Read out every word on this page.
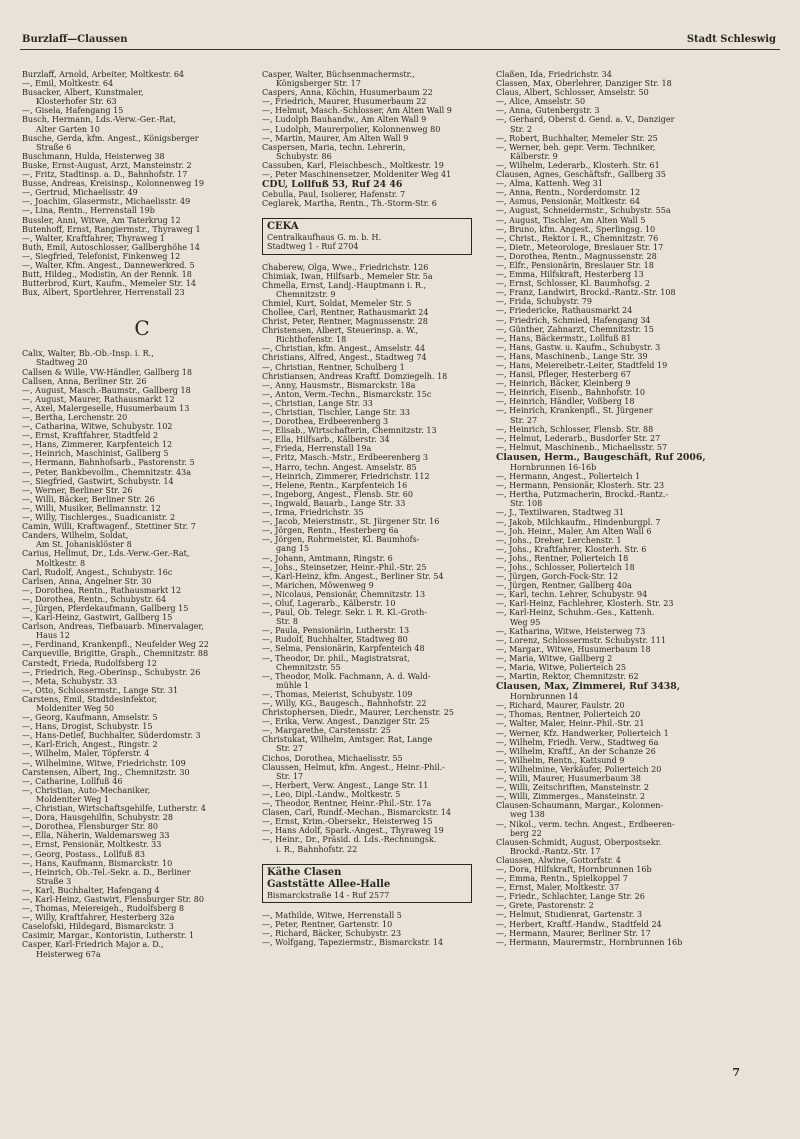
Burzlaff—Claussen	Stadt Schleswig
Burzlaff, Arnold, Arbeiter, Moltkestr. 64
—, Emil, Moltkestr. 64
Busacker, Albert, Kunstmaler,
Klosterhofer Str. 63
—, Gisela, Hafengang 15
Busch, Hermann, Lds.-Verw.-Ger.-Rat,
Alter Garten 10
Busche, Gerda, kfm. Angest., Königsberger
Straße 6
Buschmann, Hulda, Heisterweg 38
Buske, Ernst-August, Arzt, Mansteinstr. 2
—, Fritz, Stadtinsp. a. D., Bahnhofstr. 17
Busse, Andreas, Kreisinsp., Kolonnenweg 19
—, Gertrud, Michaelisstr. 49
—, Joachim, Glasermstr., Michaelisstr. 49
—, Lina, Rentn., Herrenstall 19b
Bussler, Anni, Witwe, Am Taterkrug 12
Butenhoff, Ernst, Rangiermstr., Thyraweg 1
—, Walter, Kraftfahrer, Thyraweg 1
Buth, Emil, Autoschlosser, Gallberghöhe 14
—, Siegfried, Telefonist, Finkenweg 12
—, Walter, Kfm. Angest., Dannewerkred. 5
Butt, Hildeg., Modistin, An der Rennk. 18
Butterbrod, Kurt, Kaufm., Memeler Str. 14
Bux, Albert, Sportlehrer, Herrenstall 23
C
Calix, Walter, Bb.-Ob.-Insp. i. R.,
Stadtweg 20
Callsen & Wille, VW-Händler, Gallberg 18
Callsen, Anna, Berliner Str. 26
—, August, Masch.-Baumstr., Gallberg 18
—, August, Maurer, Rathausmarkt 12
—, Axel, Malergeselle, Husumerbaum 13
—, Bertha, Lerchenstr. 20
—, Catharina, Witwe, Schubystr. 102
—, Ernst, Kraftfahrer, Stadtfeld 2
—, Hans, Zimmerer, Karpfenteich 12
—, Heinrich, Maschinist, Gallberg 5
—, Hermann, Bahnhofsarb., Pastorenstr. 5
—, Peter, Bankbevollm., Chemnitzstr. 43a
—, Siegfried, Gastwirt, Schubystr. 14
—, Werner, Berliner Str. 26
—, Willi, Bäcker, Berliner Str. 26
—, Willi, Musiker, Bellmannstr. 12
—, Willy, Tischlerges., Suadicanistr. 2
Camin, Willi, Kraftwagenf., Stettiner Str. 7
Canders, Wilhelm, Soldat,
Am St. Johanisklöster 8
Carius, Hellmut, Dr., Lds.-Verw.-Ger.-Rat,
Moltkestr. 8
Carl, Rudolf, Angest., Schubystr. 16c
Carlsen, Anna, Angelner Str. 30
—, Dorothea, Rentn., Rathausmarkt 12
—, Dorothea, Rentn., Schubystr. 64
—, Jürgen, Pferdekaufmann, Gallberg 15
—, Karl-Heinz, Gastwirt, Gallberg 15
Carlson, Andreas, Tiefbauarb. Minervalager,
Haus 12
—, Ferdinand, Krankenpfl., Neufelder Weg 22
Carqueville, Brigitte, Graph., Chemnitzstr. 88
Carstedt, Frieda, Rudolfsberg 12
—, Friedrich, Reg.-Oberinsp., Schubystr. 26
—, Meta, Schubystr. 33
—, Otto, Schlossermstr., Lange Str. 31
Carstens, Emil, Stadtdesinfektor,
Moldeniter Weg 50
—, Georg, Kaufmann, Amselstr. 5
—, Hans, Drogist, Schubystr. 15
—, Hans-Detlef, Buchhalter, Süderdomstr. 3
—, Karl-Erich, Angest., Ringstr. 2
—, Wilhelm, Maler, Töpferstr. 4
—, Wilhelmine, Witwe, Friedrichstr. 109
Carstensen, Albert, Ing., Chemnitzstr. 30
—, Catharine, Lollfuß 46
—, Christian, Auto-Mechaniker,
Moldeniter Weg 1
—, Christian, Wirtschaftsgehilfe, Lutherstr. 4
—, Dora, Hausgehilfin, Schubystr. 28
—, Dorothea, Flensburger Str. 80
—, Ella, Näherin, Waldemarsweg 33
—, Ernst, Pensionär, Moltkestr. 33
—, Georg, Postass., Lollfuß 83
—, Hans, Kaufmann, Bismarckstr. 10
—, Heinrich, Ob.-Tel.-Sekr. a. D., Berliner
Straße 3
—, Karl, Buchhalter, Hafengang 4
—, Karl-Heinz, Gastwirt, Flensburger Str. 80
—, Thomas, Meiereigeh., Rudolfsberg 8
—, Willy, Kraftfahrer, Hesterberg 32a
Caselofski, Hildegard, Bismarckstr. 3
Casimir, Margar., Kontoristin, Lutherstr. 1
Casper, Karl-Friedrich Major a. D.,
Heisterweg 67a
Casper, Walter, Büchsenmachermstr.,
Königsberger Str. 17
Caspers, Anna, Köchin, Husumerbaum 22
—, Friedrich, Maurer, Husumerbaum 22
—, Helmut, Masch.-Schlosser, Am Alten Wall 9
—, Ludolph Bauhandw., Am Alten Wall 9
—, Ludolph, Maurerpolier, Kolonnenweg 80
—, Martin, Maurer, Am Alten Wall 9
Caspersen, Maria, techn. Lehrerin,
Schubystr. 86
Cassuben, Karl, Fleischbesch., Moltkestr. 19
—, Peter Maschinensetzer, Moldeniter Weg 41
CDU, Lollfuß 53, Ruf 24 46
Cebulla, Paul, Isolierer, Hafenstr. 7
Ceglarek, Martha, Rentn., Th.-Storm-Str. 6
CEKA
Centralkaufhaus G. m. b. H.
Stadtweg 1 - Ruf 2704
Chaberew, Olga, Wwe., Friedrichstr. 126
Chimiak, Iwan, Hilfsarb., Memeler Str. 5a
Chmella, Ernst, Landj.-Hauptmann i. R.,
Chemnitzstr. 9
Chmiel, Kurt, Soldat, Memeler Str. 5
Chollee, Carl, Rentner, Rathausmarkt 24
Christ, Peter, Rentner, Magnussenstr. 28
Christensen, Albert, Steuerinsp. a. W.,
Richthofenstr. 18
—, Christian, kfm. Angest., Amselstr. 44
Christians, Alfred, Angest., Stadtweg 74
—, Christian, Rentner, Schulberg 1
Christiansen, Andreas Kraftf. Domziegelh. 18
—, Anny, Hausmstr., Bismarckstr. 18a
—, Anton, Verm.-Techn., Bismarckstr. 15c
—, Christian, Lange Str. 33
—, Christian, Tischler, Lange Str. 33
—, Dorothea, Erdbeerenberg 3
—, Elisab., Wirtschafterin, Chemnitzstr. 13
—, Ella, Hilfsarb., Kälberstr. 34
—, Frieda, Herrenstall 19a
—, Fritz, Masch.-Mstr., Erdbeerenberg 3
—, Harro, techn. Angest. Amselstr. 85
—, Heinrich, Zimmerer, Friedrichstr. 112
—, Helene, Rentn., Karpfenteich 16
—, Ingeborg, Angest., Flensb. Str. 60
—, Ingwald, Bauarb., Lange Str. 33
—, Irma, Friedrichstr. 35
—, Jacob, Meierstmstr., St. Jürgener Str. 16
—, Jörgen, Rentn., Hesterberg 6a
—, Jörgen, Rohrmeister, Kl. Baumhofs-
gang 15
—, Johann, Amtmann, Ringstr. 6
—, Johs., Steinsetzer, Heinr.-Phil.-Str. 25
—, Karl-Heinz, kfm. Angest., Berliner Str. 54
—, Marichen, Möwenweg 9
—, Nicolaus, Pensionär, Chemnitzstr. 13
—, Oluf, Lagerarb., Kälberstr. 10
—, Paul, Ob. Telegr. Sekr. i. R. Kl.-Groth-
Str. 8
—, Paula, Pensionärin, Lutherstr. 13
—, Rudolf, Buchhalter, Stadtweg 80
—, Selma, Pensionärin, Karpfenteich 48
—, Theodor, Dr. phil., Magistratsrat,
Chemnitzstr. 55
—, Theodor, Molk. Fachmann, A. d. Wald-
mühle 1
—, Thomas, Meierist, Schubystr. 109
—, Willy, KG., Baugesch., Bahnhofstr. 22
Christophersen, Diedr., Maurer, Lerchenstr. 25
—, Erika, Verw. Angest., Danziger Str. 25
—, Margarethe, Carstensstr. 25
Christukat, Wilhelm, Amtsger. Rat, Lange
Str. 27
Cichos, Dorothea, Michaelisstr. 55
Claussen, Helmut, kfm. Angest., Heinr.-Phil.-
Str. 17
—, Herbert, Verw. Angest., Lange Str. 11
—, Leo, Dipl.-Landw., Moltkestr. 5
—, Theodor, Rentner, Heinr.-Phil.-Str. 17a
Clasen, Carl, Rundf.-Mechan., Bismarckstr. 14
—, Ernst, Krim.-Obersekr., Heisterweg 15
—, Hans Adolf, Spark.-Angest., Thyraweg 19
—, Heinr., Dr., Präsid. d. Lds.-Rechnungsk.
i. R., Bahnhofstr. 22
Käthe Clasen
Gaststätte Allee-Halle
Bismarckstraße 14 - Ruf 2577
—, Mathilde, Witwe, Herrenstall 5
—, Peter, Rentner, Gartenstr. 10
—, Richard, Bäcker, Schubystr. 23
—, Wolfgang, Tapeziermstr., Bismarckstr. 14
Claßen, Ida, Friedrichstr. 34
Classen, Max, Oberlehrer, Danziger Str. 18
Claus, Albert, Schlosser, Amselstr. 50
—, Alice, Amselstr. 50
—, Anna, Gutenbergstr. 3
—, Gerhard, Oberst d. Gend. a. V., Danziger
Str. 2
—, Robert, Buchhalter, Memeler Str. 25
—, Werner, beh. gepr. Verm. Techniker,
Kälberstr. 9
—, Wilhelm, Lederarb., Klosterh. Str. 61
Clausen, Agnes, Geschäftsfr., Gallberg 35
—, Alma, Kattenh. Weg 31
—, Anna, Rentn., Norderdomstr. 12
—, Asmus, Pensionär, Moltkestr. 64
—, August, Schneidermstr., Schubystr. 55a
—, August, Tischler, Am Alten Wall 5
—, Bruno, kfm. Angest., Sperlingsg. 10
—, Christ., Rektor i. R., Chemnitzstr. 76
—, Dietr., Meteorologe, Breslauer Str. 17
—, Dorothea, Rentn., Magnussenstr. 28
—, Elfr., Pensionärin, Breslauer Str. 18
—, Emma, Hilfskraft, Hesterberg 13
—, Ernst, Schlosser, Kl. Baumhofsg. 2
—, Franz, Landwirt, Brockd.-Rantz.-Str. 108
—, Frida, Schubystr. 79
—, Friedericke, Rathausmarkt 24
—, Friedrich, Schmied, Hafengang 34
—, Günther, Zahnarzt, Chemnitzstr. 15
—, Hans, Bäckermstr., Lollfuß 81
—, Hans, Gastw. u. Kaufm., Schubystr. 3
—, Hans, Maschinenb., Lange Str. 39
—, Hans, Meiereibetr.-Leiter, Stadtfeld 19
—, Hansi, Pfleger, Hesterberg 67
—, Heinrich, Bäcker, Kleinberg 9
—, Heinrich, Eisenb., Bahnhofstr. 10
—, Heinrich, Händler, Voßberg 18
—, Heinrich, Krankenpfl., St. Jürgener
Str. 27
—, Heinrich, Schlosser, Flensb. Str. 88
—, Helmut, Lederarb., Busdorfer Str. 27
—, Helmut, Maschinenb., Michaelisstr. 57
Clausen, Herm., Baugeschäft, Ruf 2006,
Hornbrunnen 16-16b
—, Hermann, Angest., Polierteich 1
—, Hermann, Pensionär, Klosterh. Str. 23
—, Hertha, Putzmacherin, Brockd.-Rantz.-
Str. 108
—, J., Textilwaren, Stadtweg 31
—, Jakob, Milchkaufm., Hindenburgpl. 7
—, Joh. Heinr., Maler, Am Alten Wall 6
—, Johs., Dreher, Lerchenstr. 1
—, Johs., Kraftfahrer, Klosterh. Str. 6
—, Johs., Rentner, Polierteich 18
—, Johs., Schlosser, Polierteich 18
—, Jürgen, Gorch-Fock-Str. 12
—, Jürgen, Rentner, Gallberg 40a
—, Karl, techn. Lehrer, Schubystr. 94
—, Karl-Heinz, Fachlehrer, Klosterh. Str. 23
—, Karl-Heinz, Schuhm.-Ges., Kattenh.
Weg 95
—, Katharina, Witwe, Heisterweg 73
—, Lorenz, Schlossermstr. Schubystr. 111
—, Margar., Witwe, Husumerbaum 18
—, Maria, Witwe, Gallberg 2
—, Maria, Witwe, Polierteich 25
—, Martin, Rektor, Chemnitzstr. 62
Clausen, Max, Zimmerei, Ruf 3438,
Hornbrunnen 14
—, Richard, Maurer, Faulstr. 20
—, Thomas, Rentner, Polierteich 20
—, Walter, Maler, Heinr.-Phil.-Str. 21
—, Werner, Kfz. Handwerker, Polierteich 1
—, Wilhelm, Friedh. Verw., Stadtweg 6a
—, Wilhelm, Kraftf., An der Schanze 26
—, Wilhelm, Rentn., Kattsund 9
—, Wilhelmine, Verkäufer, Polierteich 20
—, Willi, Maurer, Husumerbaum 38
—, Willi, Zeitschriften, Mansteinstr. 2
—, Willi, Zimmerges., Mansteinstr. 2
Clausen-Schaumann, Margar., Kolonnen-
weg 138
—, Nikol., verm. techn. Angest., Erdbeeren-
berg 22
Clausen-Schmidt, August, Oberpostsekr.
Brockd.-Rantz.-Str. 17
Claussen, Alwine, Gottorfstr. 4
—, Dora, Hilfskraft, Hornbrunnen 16b
—, Emma, Rentn., Spielkoppel 7
—, Ernst, Maler, Moltkestr. 37
—, Friedr., Schlachter, Lange Str. 26
—, Grete, Pastorenstr. 2
—, Helmut, Studienrat, Gartenstr. 3
—, Herbert, Kraftf.-Handw., Stadtfeld 24
—, Hermann, Maurer, Berliner Str. 17
—, Hermann, Maurermstr., Hornbrunnen 16b
7
